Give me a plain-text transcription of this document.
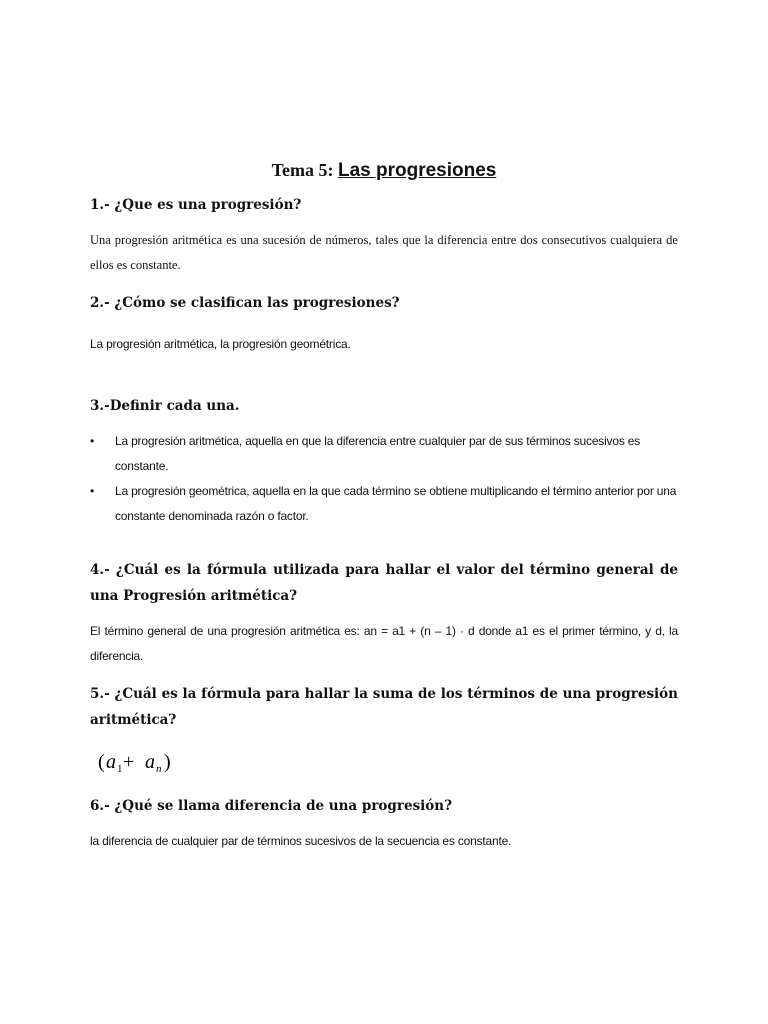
Tema 5: Las progresiones

1.- ¿Que es una progresión?

Una progresión aritmética es una sucesión de números, tales que la diferencia entre dos consecutivos cualquiera de ellos es constante.

2.- ¿Cómo se clasifican las progresiones?

La progresión aritmética, la progresión geométrica.

3.-Definir cada una.

• La progresión aritmética, aquella en que la diferencia entre cualquier par de sus términos sucesivos es constante.
• La progresión geométrica, aquella en la que cada término se obtiene multiplicando el término anterior por una constante denominada razón o factor.

4.- ¿Cuál es la fórmula utilizada para hallar el valor del término general de una Progresión aritmética?

El término general de una progresión aritmética es: an = a1 + (n – 1) · d donde a1 es el primer término, y d, la diferencia.

5.- ¿Cuál es la fórmula para hallar la suma de los términos de una progresión aritmética?

( a 1 + a n )

6.- ¿Qué se llama diferencia de una progresión?

la diferencia de cualquier par de términos sucesivos de la secuencia es constante.
